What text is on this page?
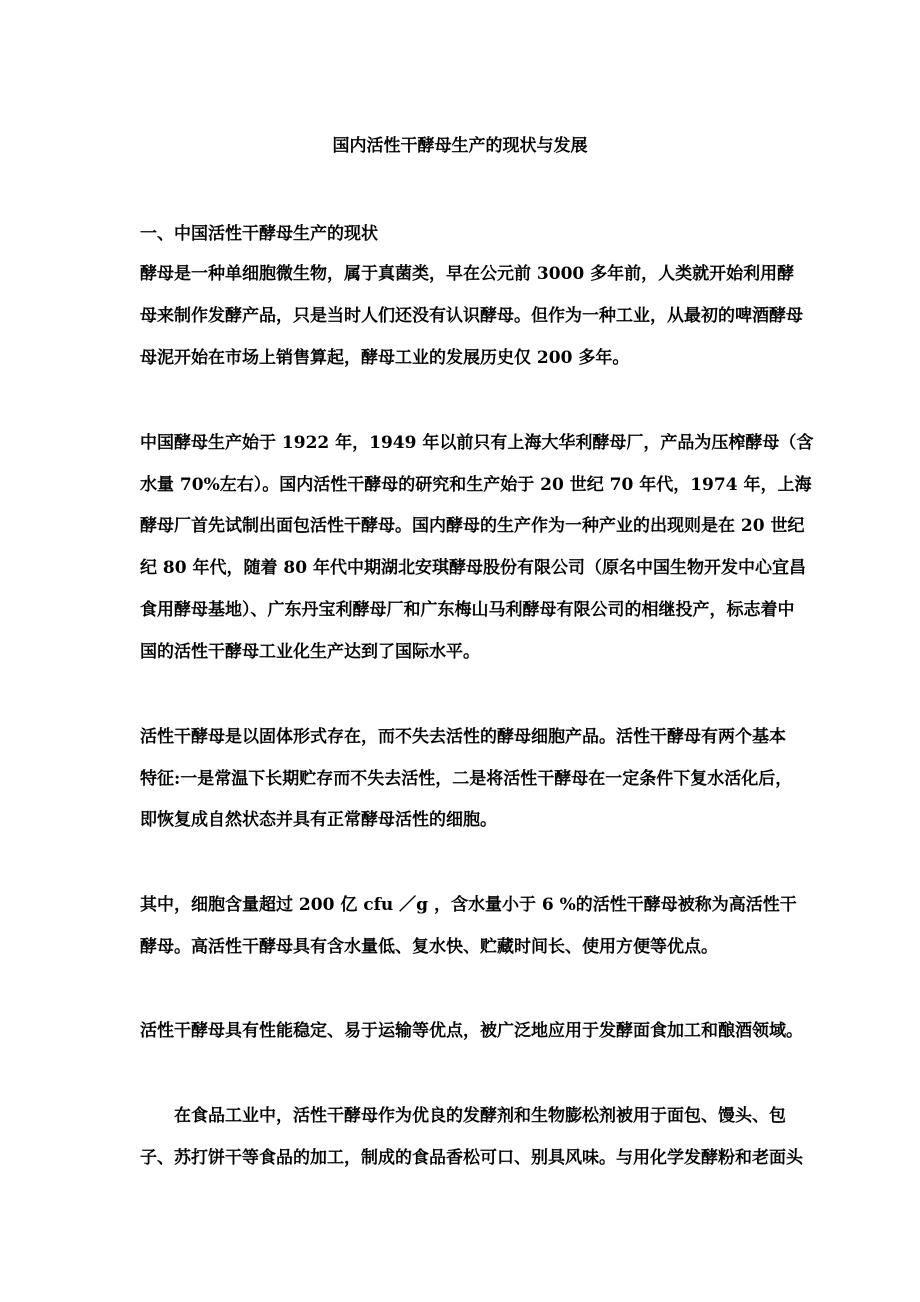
国内活性干酵母生产的现状与发展
一、中国活性干酵母生产的现状
酵母是一种单细胞微生物，属于真菌类，早在公元前 3000 多年前，人类就开始利用酵
母来制作发酵产品，只是当时人们还没有认识酵母。但作为一种工业，从最初的啤酒酵母
母泥开始在市场上销售算起，酵母工业的发展历史仅 200 多年。
中国酵母生产始于 1922 年，1949 年以前只有上海大华利酵母厂，产品为压榨酵母（含
水量 70%左右）。国内活性干酵母的研究和生产始于 20 世纪 70 年代，1974 年，上海
酵母厂首先试制出面包活性干酵母。国内酵母的生产作为一种产业的出现则是在 20 世纪
纪 80 年代，随着 80 年代中期湖北安琪酵母股份有限公司（原名中国生物开发中心宜昌
食用酵母基地）、广东丹宝利酵母厂和广东梅山马利酵母有限公司的相继投产，标志着中
国的活性干酵母工业化生产达到了国际水平。
活性干酵母是以固体形式存在，而不失去活性的酵母细胞产品。活性干酵母有两个基本
特征:一是常温下长期贮存而不失去活性，二是将活性干酵母在一定条件下复水活化后，
即恢复成自然状态并具有正常酵母活性的细胞。
其中，细胞含量超过 200 亿 cfu ／g ，含水量小于 6 %的活性干酵母被称为高活性干
酵母。高活性干酵母具有含水量低、复水快、贮藏时间长、使用方便等优点。
活性干酵母具有性能稳定、易于运输等优点，被广泛地应用于发酵面食加工和酿酒领域。
　　在食品工业中，活性干酵母作为优良的发酵剂和生物膨松剂被用于面包、馒头、包
子、苏打饼干等食品的加工，制成的食品香松可口、别具风味。与用化学发酵粉和老面头
